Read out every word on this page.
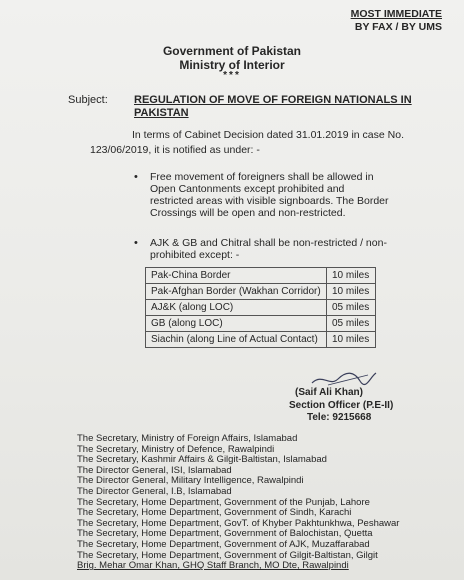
MOST IMMEDIATE
BY FAX / BY UMS
Government of Pakistan
Ministry of Interior
***
Subject: REGULATION OF MOVE OF FOREIGN NATIONALS IN PAKISTAN
In terms of Cabinet Decision dated 31.01.2019 in case No. 123/06/2019, it is notified as under: -
• Free movement of foreigners shall be allowed in Open Cantonments except prohibited and restricted areas with visible signboards. The Border Crossings will be open and non-restricted.
• AJK & GB and Chitral shall be non-restricted / non-prohibited except: -
Pak-China Border	10 miles
Pak-Afghan Border (Wakhan Corridor)	10 miles
AJ&K (along LOC)	05 miles
GB (along LOC)	05 miles
Siachin (along Line of Actual Contact)	10 miles
(Saif Ali Khan)
Section Officer (P.E-II)
Tele: 9215668
The Secretary, Ministry of Foreign Affairs, Islamabad
The Secretary, Ministry of Defence, Rawalpindi
The Secretary, Kashmir Affairs & Gilgit-Baltistan, Islamabad
The Director General, ISI, Islamabad
The Director General, Military Intelligence, Rawalpindi
The Director General, I.B, Islamabad
The Secretary, Home Department, Government of the Punjab, Lahore
The Secretary, Home Department, Government of Sindh, Karachi
The Secretary, Home Department, GovT. of Khyber Pakhtunkhwa, Peshawar
The Secretary, Home Department, Government of Balochistan, Quetta
The Secretary, Home Department, Government of AJK, Muzaffarabad
The Secretary, Home Department, Government of Gilgit-Baltistan, Gilgit
Brig. Mehar Omar Khan, GHQ Staff Branch, MO Dte, Rawalpindi
